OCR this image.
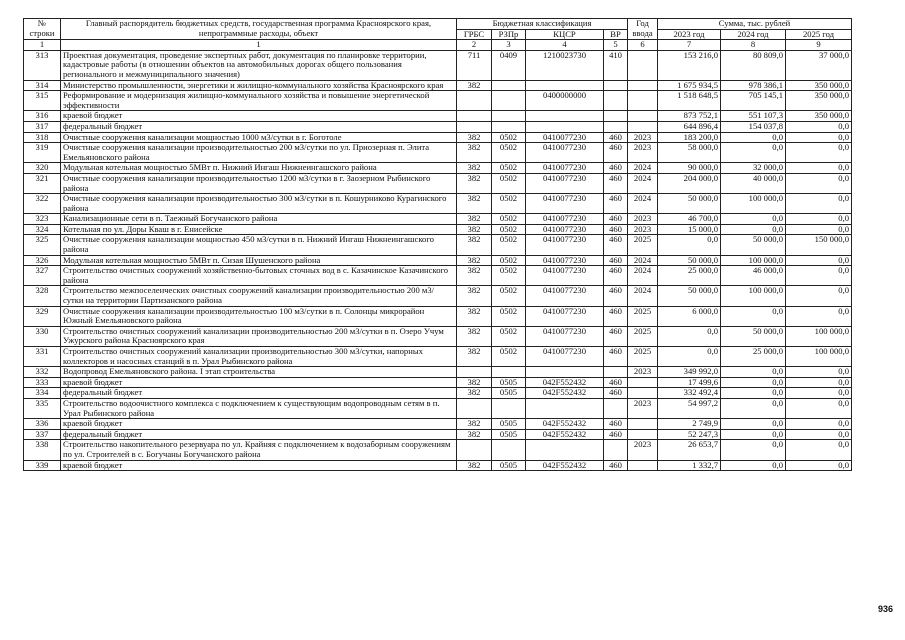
№ строки	Главный распорядитель бюджетных средств, государственная программа Красноярского края, непрограммные расходы, объект	Бюджетная классификация				Год ввода	Сумма, тыс. рублей		
		ГРБС	РЗПр	КЦСР	ВР		2023 год	2024 год	2025 год
1	1	2	3	4	5	6	7	8	9
313	Проектная документация, проведение экспертных работ, документация по планировке территории, кадастровые работы (в отношении объектов на автомобильных дорогах общего пользования регионального и межмуниципального значения)	711	0409	1210023730	410		153 216,0	80 809,0	37 000,0
314	Министерство промышленности, энергетики и жилищно-коммунального хозяйства Красноярского края	382					1 675 934,5	978 386,1	350 000,0
315	Реформирование и модернизация жилищно-коммунального хозяйства и повышение энергетической эффективности			0400000000			1 518 648,5	705 145,1	350 000,0
316	краевой бюджет						873 752,1	551 107,3	350 000,0
317	федеральный бюджет						644 896,4	154 037,8	0,0
318	Очистные сооружения канализации мощностью 1000 м3/сутки в г. Боготоле	382	0502	0410077230	460	2023	183 200,0	0,0	0,0
319	Очистные сооружения канализации производительностью 200 м3/сутки по ул. Приозерная п. Элита Емельяновского района	382	0502	0410077230	460	2023	58 000,0	0,0	0,0
320	Модульная котельная мощностью 5МВт п. Нижний Ингаш Нижнеингашского района	382	0502	0410077230	460	2024	90 000,0	32 000,0	0,0
321	Очистные сооружения канализации производительностью 1200 м3/сутки в г. Заозерном Рыбинского района	382	0502	0410077230	460	2024	204 000,0	40 000,0	0,0
322	Очистные сооружения канализации производительностью 300 м3/сутки в п. Кошурниково Курагинского района	382	0502	0410077230	460	2024	50 000,0	100 000,0	0,0
323	Канализационные сети в п. Таежный Богучанского района	382	0502	0410077230	460	2023	46 700,0	0,0	0,0
324	Котельная по ул. Доры Кваш в г. Енисейске	382	0502	0410077230	460	2023	15 000,0	0,0	0,0
325	Очистные сооружения канализации мощностью 450 м3/сутки в п. Нижний Ингаш Нижнеингашского района	382	0502	0410077230	460	2025	0,0	50 000,0	150 000,0
326	Модульная котельная мощностью 5МВт п. Сизая Шушенского района	382	0502	0410077230	460	2024	50 000,0	100 000,0	0,0
327	Строительство очистных сооружений хозяйственно-бытовых сточных вод в с. Казачинское Казачинского района	382	0502	0410077230	460	2024	25 000,0	46 000,0	0,0
328	Строительство межпоселенческих очистных сооружений канализации производительностью 200 м3/сутки на территории Партизанского района	382	0502	0410077230	460	2024	50 000,0	100 000,0	0,0
329	Очистные сооружения канализации производительностью 100 м3/сутки в п. Солонцы микрорайон Южный Емельяновского района	382	0502	0410077230	460	2025	6 000,0	0,0	0,0
330	Строительство очистных сооружений канализации производительностью 200 м3/сутки в п. Озеро Учум Ужурского района Красноярского края	382	0502	0410077230	460	2025	0,0	50 000,0	100 000,0
331	Строительство очистных сооружений канализации производительностью 300 м3/сутки, напорных коллекторов и насосных станций в п. Урал Рыбинского района	382	0502	0410077230	460	2025	0,0	25 000,0	100 000,0
332	Водопровод Емельяновского района. I этап строительства					2023	349 992,0	0,0	0,0
333	краевой бюджет	382	0505	042F552432	460		17 499,6	0,0	0,0
334	федеральный бюджет	382	0505	042F552432	460		332 492,4	0,0	0,0
335	Строительство водоочистного комплекса с подключением к существующим водопроводным сетям в п. Урал Рыбинского района					2023	54 997,2	0,0	0,0
336	краевой бюджет	382	0505	042F552432	460		2 749,9	0,0	0,0
337	федеральный бюджет	382	0505	042F552432	460		52 247,3	0,0	0,0
338	Строительство накопительного резервуара по ул. Крайняя с подключением к водозаборным сооружениям по ул. Строителей в с. Богучаны Богучанского района					2023	26 653,7	0,0	0,0
339	краевой бюджет	382	0505	042F552432	460		1 332,7	0,0	0,0
936
